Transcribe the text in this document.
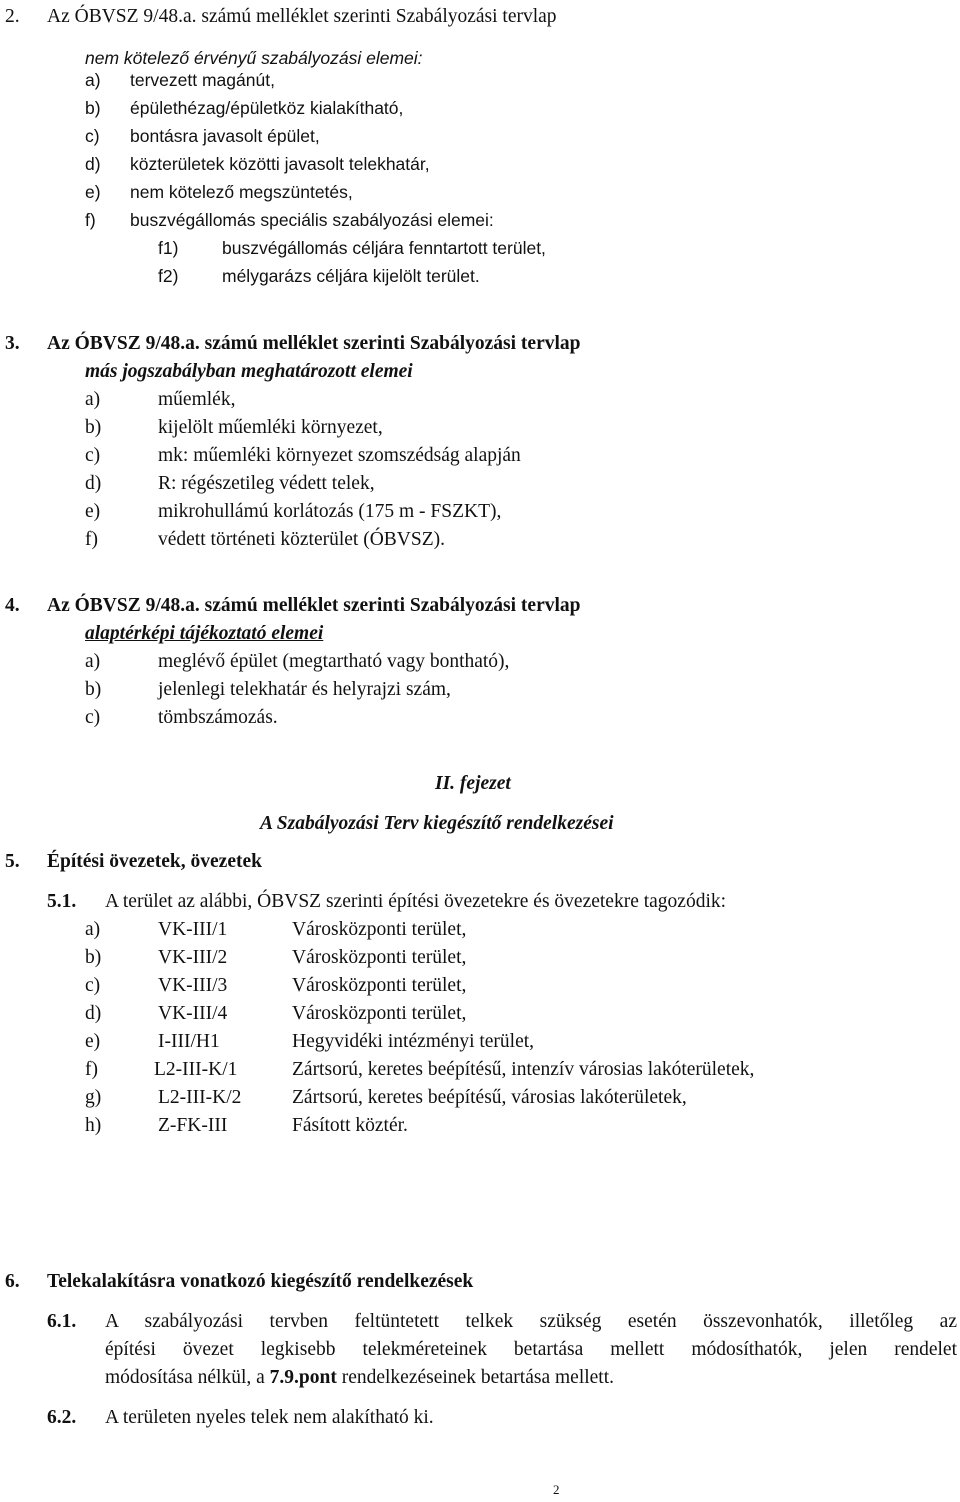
2. Az ÓBVSZ 9/48.a. számú melléklet szerinti Szabályozási tervlap
nem kötelező érvényű szabályozási elemei:
a) tervezett magánút,
b) épülethézag/épületköz kialakítható,
c) bontásra javasolt épület,
d) közterületek közötti javasolt telekhatár,
e) nem kötelező megszüntetés,
f) buszvégállomás speciális szabályozási elemei:
f1) buszvégállomás céljára fenntartott terület,
f2) mélygarázs céljára kijelölt terület.
3. Az ÓBVSZ 9/48.a. számú melléklet szerinti Szabályozási tervlap
más jogszabályban meghatározott elemei
a)	műemlék,
b)	kijelölt műemléki környezet,
c)	mk: műemléki környezet szomszédság alapján
d)	R: régészetileg védett telek,
e)	mikrohullámú korlátozás (175 m - FSZKT),
f)	védett történeti közterület (ÓBVSZ).
4. Az ÓBVSZ 9/48.a. számú melléklet szerinti Szabályozási tervlap
alaptérképi tájékoztató elemei
a)	meglévő épület (megtartható vagy bontható),
b)	jelenlegi telekhatár és helyrajzi szám,
c)	tömbszámozás.
II. fejezet
A Szabályozási Terv kiegészítő rendelkezései
5. Építési övezetek, övezetek
5.1. A terület az alábbi, ÓBVSZ szerinti építési övezetekre és övezetekre tagozódik:
a)	VK-III/1	Városközponti terület,
b)	VK-III/2	Városközponti terület,
c)	VK-III/3	Városközponti terület,
d)	VK-III/4	Városközponti terület,
e)	I-III/H1	Hegyvidéki intézményi terület,
f)	L2-III-K/1	Zártsorú, keretes beépítésű, intenzív városias lakóterületek,
g)	L2-III-K/2	Zártsorú, keretes beépítésű, városias lakóterületek,
h)	Z-FK-III	Fásított köztér.
6. Telekalakításra vonatkozó kiegészítő rendelkezések
6.1. A szabályozási tervben feltüntetett telkek szükség esetén összevonhatók, illetőleg az
építési övezet legkisebb telekméreteinek betartása mellett módosíthatók, jelen rendelet
módosítása nélkül, a 7.9.pont rendelkezéseinek betartása mellett.
6.2. A területen nyeles telek nem alakítható ki.
2
